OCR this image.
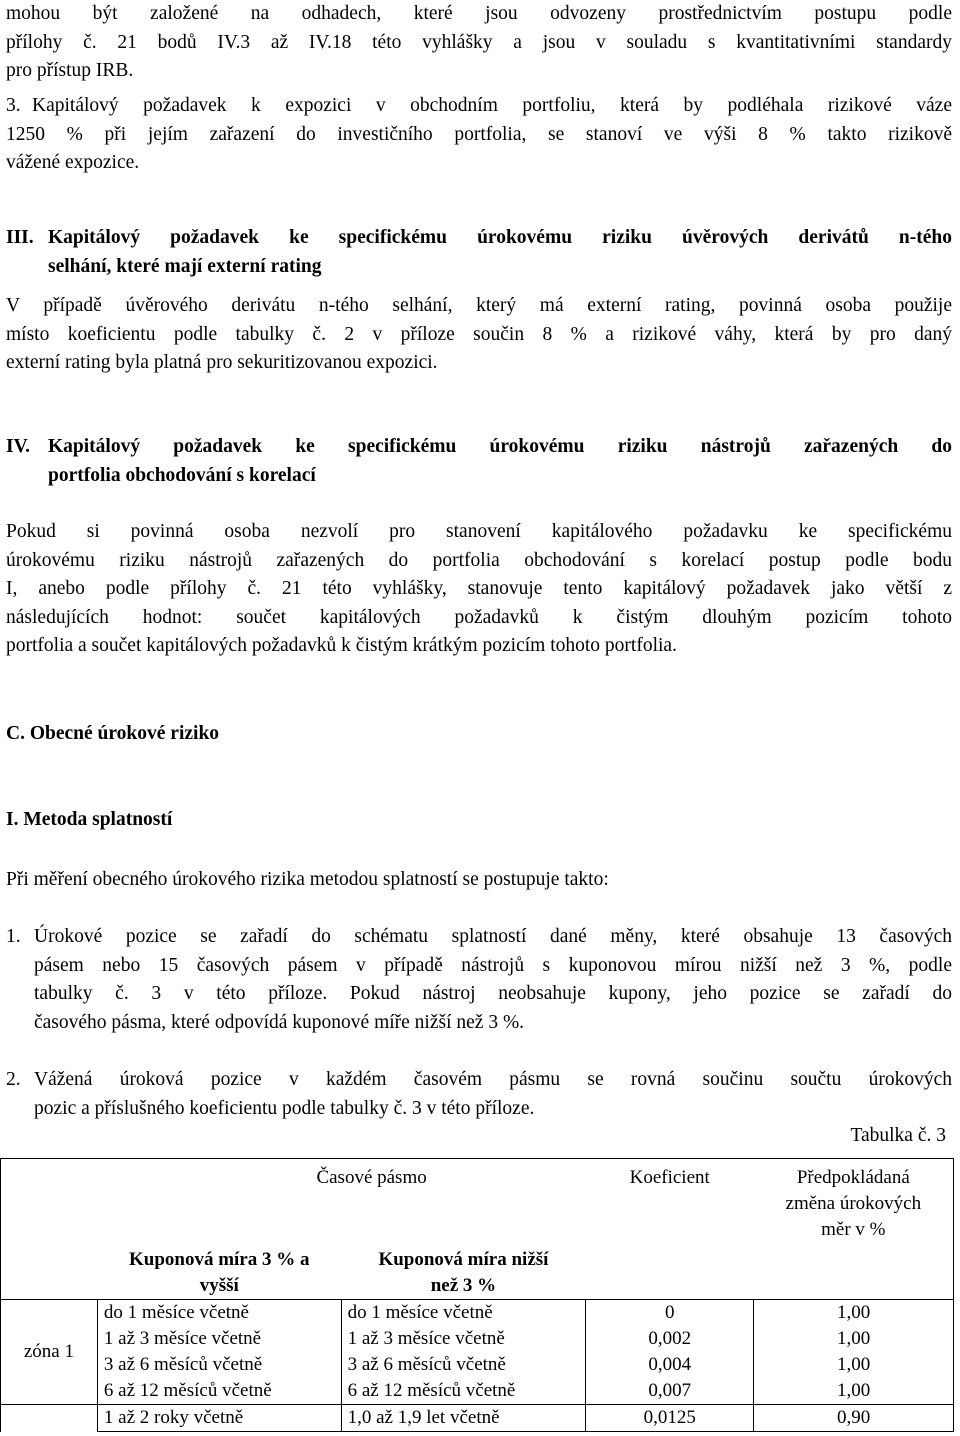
mohou být založené na odhadech, které jsou odvozeny prostřednictvím postupu podle
přílohy č. 21 bodů IV.3 až IV.18 této vyhlášky a jsou v souladu s kvantitativními standardy
pro přístup IRB.
3. Kapitálový požadavek k expozici v obchodním portfoliu, která by podléhala rizikové váze
1250 % při jejím zařazení do investičního portfolia, se stanoví ve výši 8 % takto rizikově
vážené expozice.
III. Kapitálový požadavek ke specifickému úrokovému riziku úvěrových derivátů n-tého
selhání, které mají externí rating
V případě úvěrového derivátu n-tého selhání, který má externí rating, povinná osoba použije
místo koeficientu podle tabulky č. 2 v příloze součin 8 % a rizikové váhy, která by pro daný
externí rating byla platná pro sekuritizovanou expozici.
IV. Kapitálový požadavek ke specifickému úrokovému riziku nástrojů zařazených do
portfolia obchodování s korelací
Pokud si povinná osoba nezvolí pro stanovení kapitálového požadavku ke specifickému
úrokovému riziku nástrojů zařazených do portfolia obchodování s korelací postup podle bodu
I, anebo podle přílohy č. 21 této vyhlášky, stanovuje tento kapitálový požadavek jako větší z
následujících hodnot: součet kapitálových požadavků k čistým dlouhým pozicím tohoto
portfolia a součet kapitálových požadavků k čistým krátkým pozicím tohoto portfolia.
C. Obecné úrokové riziko
I. Metoda splatností
Při měření obecného úrokového rizika metodou splatností se postupuje takto:
1. Úrokové pozice se zařadí do schématu splatností dané měny, které obsahuje 13 časových
pásem nebo 15 časových pásem v případě nástrojů s kuponovou mírou nižší než 3 %, podle
tabulky č. 3 v této příloze. Pokud nástroj neobsahuje kupony, jeho pozice se zařadí do
časového pásma, které odpovídá kuponové míře nižší než 3 %.
2. Vážená úroková pozice v každém časovém pásmu se rovná součinu součtu úrokových
pozic a příslušného koeficientu podle tabulky č. 3 v této příloze.
Tabulka č. 3
	Časové pásmo		Koeficient	Předpokládaná
změna úrokových
měr v %

	Kuponová míra 3 % a
vyšší	Kuponová míra nižší
než 3 %		

zóna 1	do 1 měsíce včetně	do 1 měsíce včetně	0	1,00
	1 až 3 měsíce včetně	1 až 3 měsíce včetně	0,002	1,00
	3 až 6 měsíců včetně	3 až 6 měsíců včetně	0,004	1,00
	6 až 12 měsíců včetně	6 až 12 měsíců včetně	0,007	1,00
	1 až 2 roky včetně	1,0 až 1,9 let včetně	0,0125	0,90
